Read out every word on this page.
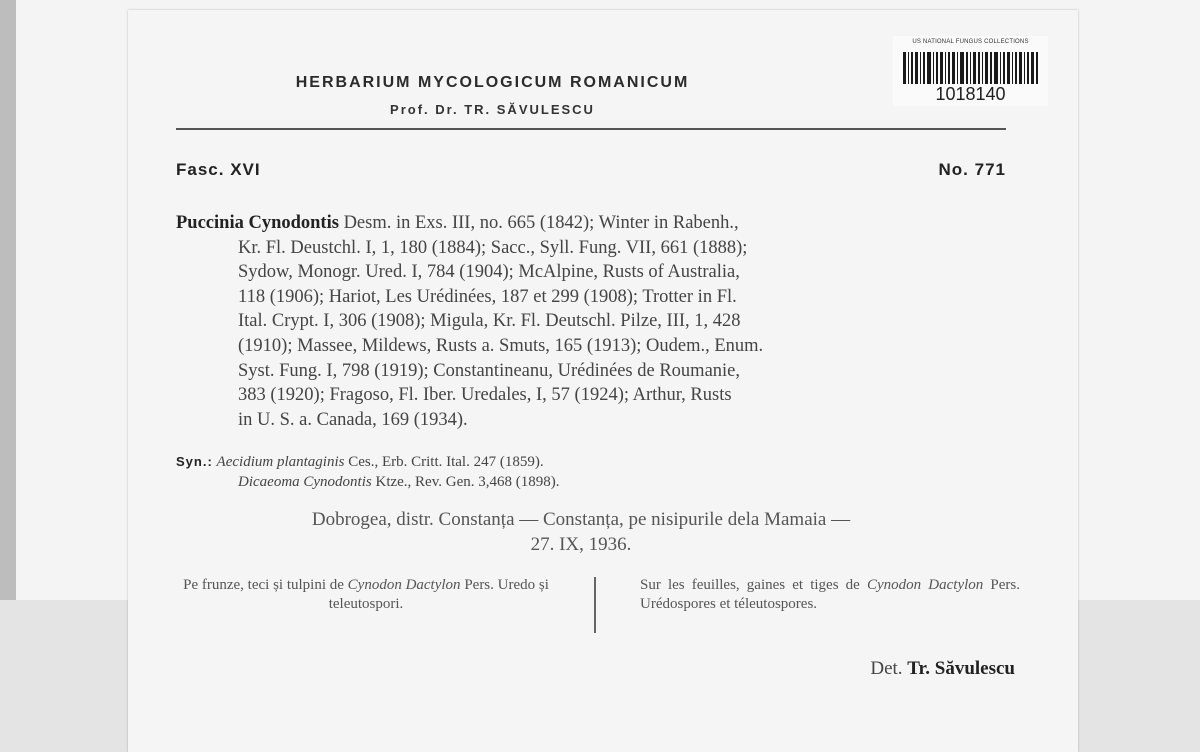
US NATIONAL FUNGUS COLLECTIONS
1018140
HERBARIUM MYCOLOGICUM ROMANICUM
Prof. Dr. TR. SĂVULESCU
Fasc. XVI	No. 771
Puccinia Cynodontis Desm. in Exs. III, no. 665 (1842); Winter in Rabenh.,
Kr. Fl. Deustchl. I, 1, 180 (1884); Sacc., Syll. Fung. VII, 661 (1888);
Sydow, Monogr. Ured. I, 784 (1904); McAlpine, Rusts of Australia,
118 (1906); Hariot, Les Urédinées, 187 et 299 (1908); Trotter in Fl.
Ital. Crypt. I, 306 (1908); Migula, Kr. Fl. Deutschl. Pilze, III, 1, 428
(1910); Massee, Mildews, Rusts a. Smuts, 165 (1913); Oudem., Enum.
Syst. Fung. I, 798 (1919); Constantineanu, Urédinées de Roumanie,
383 (1920); Fragoso, Fl. Iber. Uredales, I, 57 (1924); Arthur, Rusts
in U. S. a. Canada, 169 (1934).
Syn.: Aecidium plantaginis Ces., Erb. Critt. Ital. 247 (1859).
Dicaeoma Cynodontis Ktze., Rev. Gen. 3,468 (1898).
Dobrogea, distr. Constanța — Constanța, pe nisipurile dela Mamaia —
27. IX, 1936.
Pe frunze, teci și tulpini de Cynodon Dactylon Pers. Uredo și teleutospori.
Sur les feuilles, gaines et tiges de Cynodon Dactylon Pers. Urédospores et téleutospores.
Det. Tr. Săvulescu
